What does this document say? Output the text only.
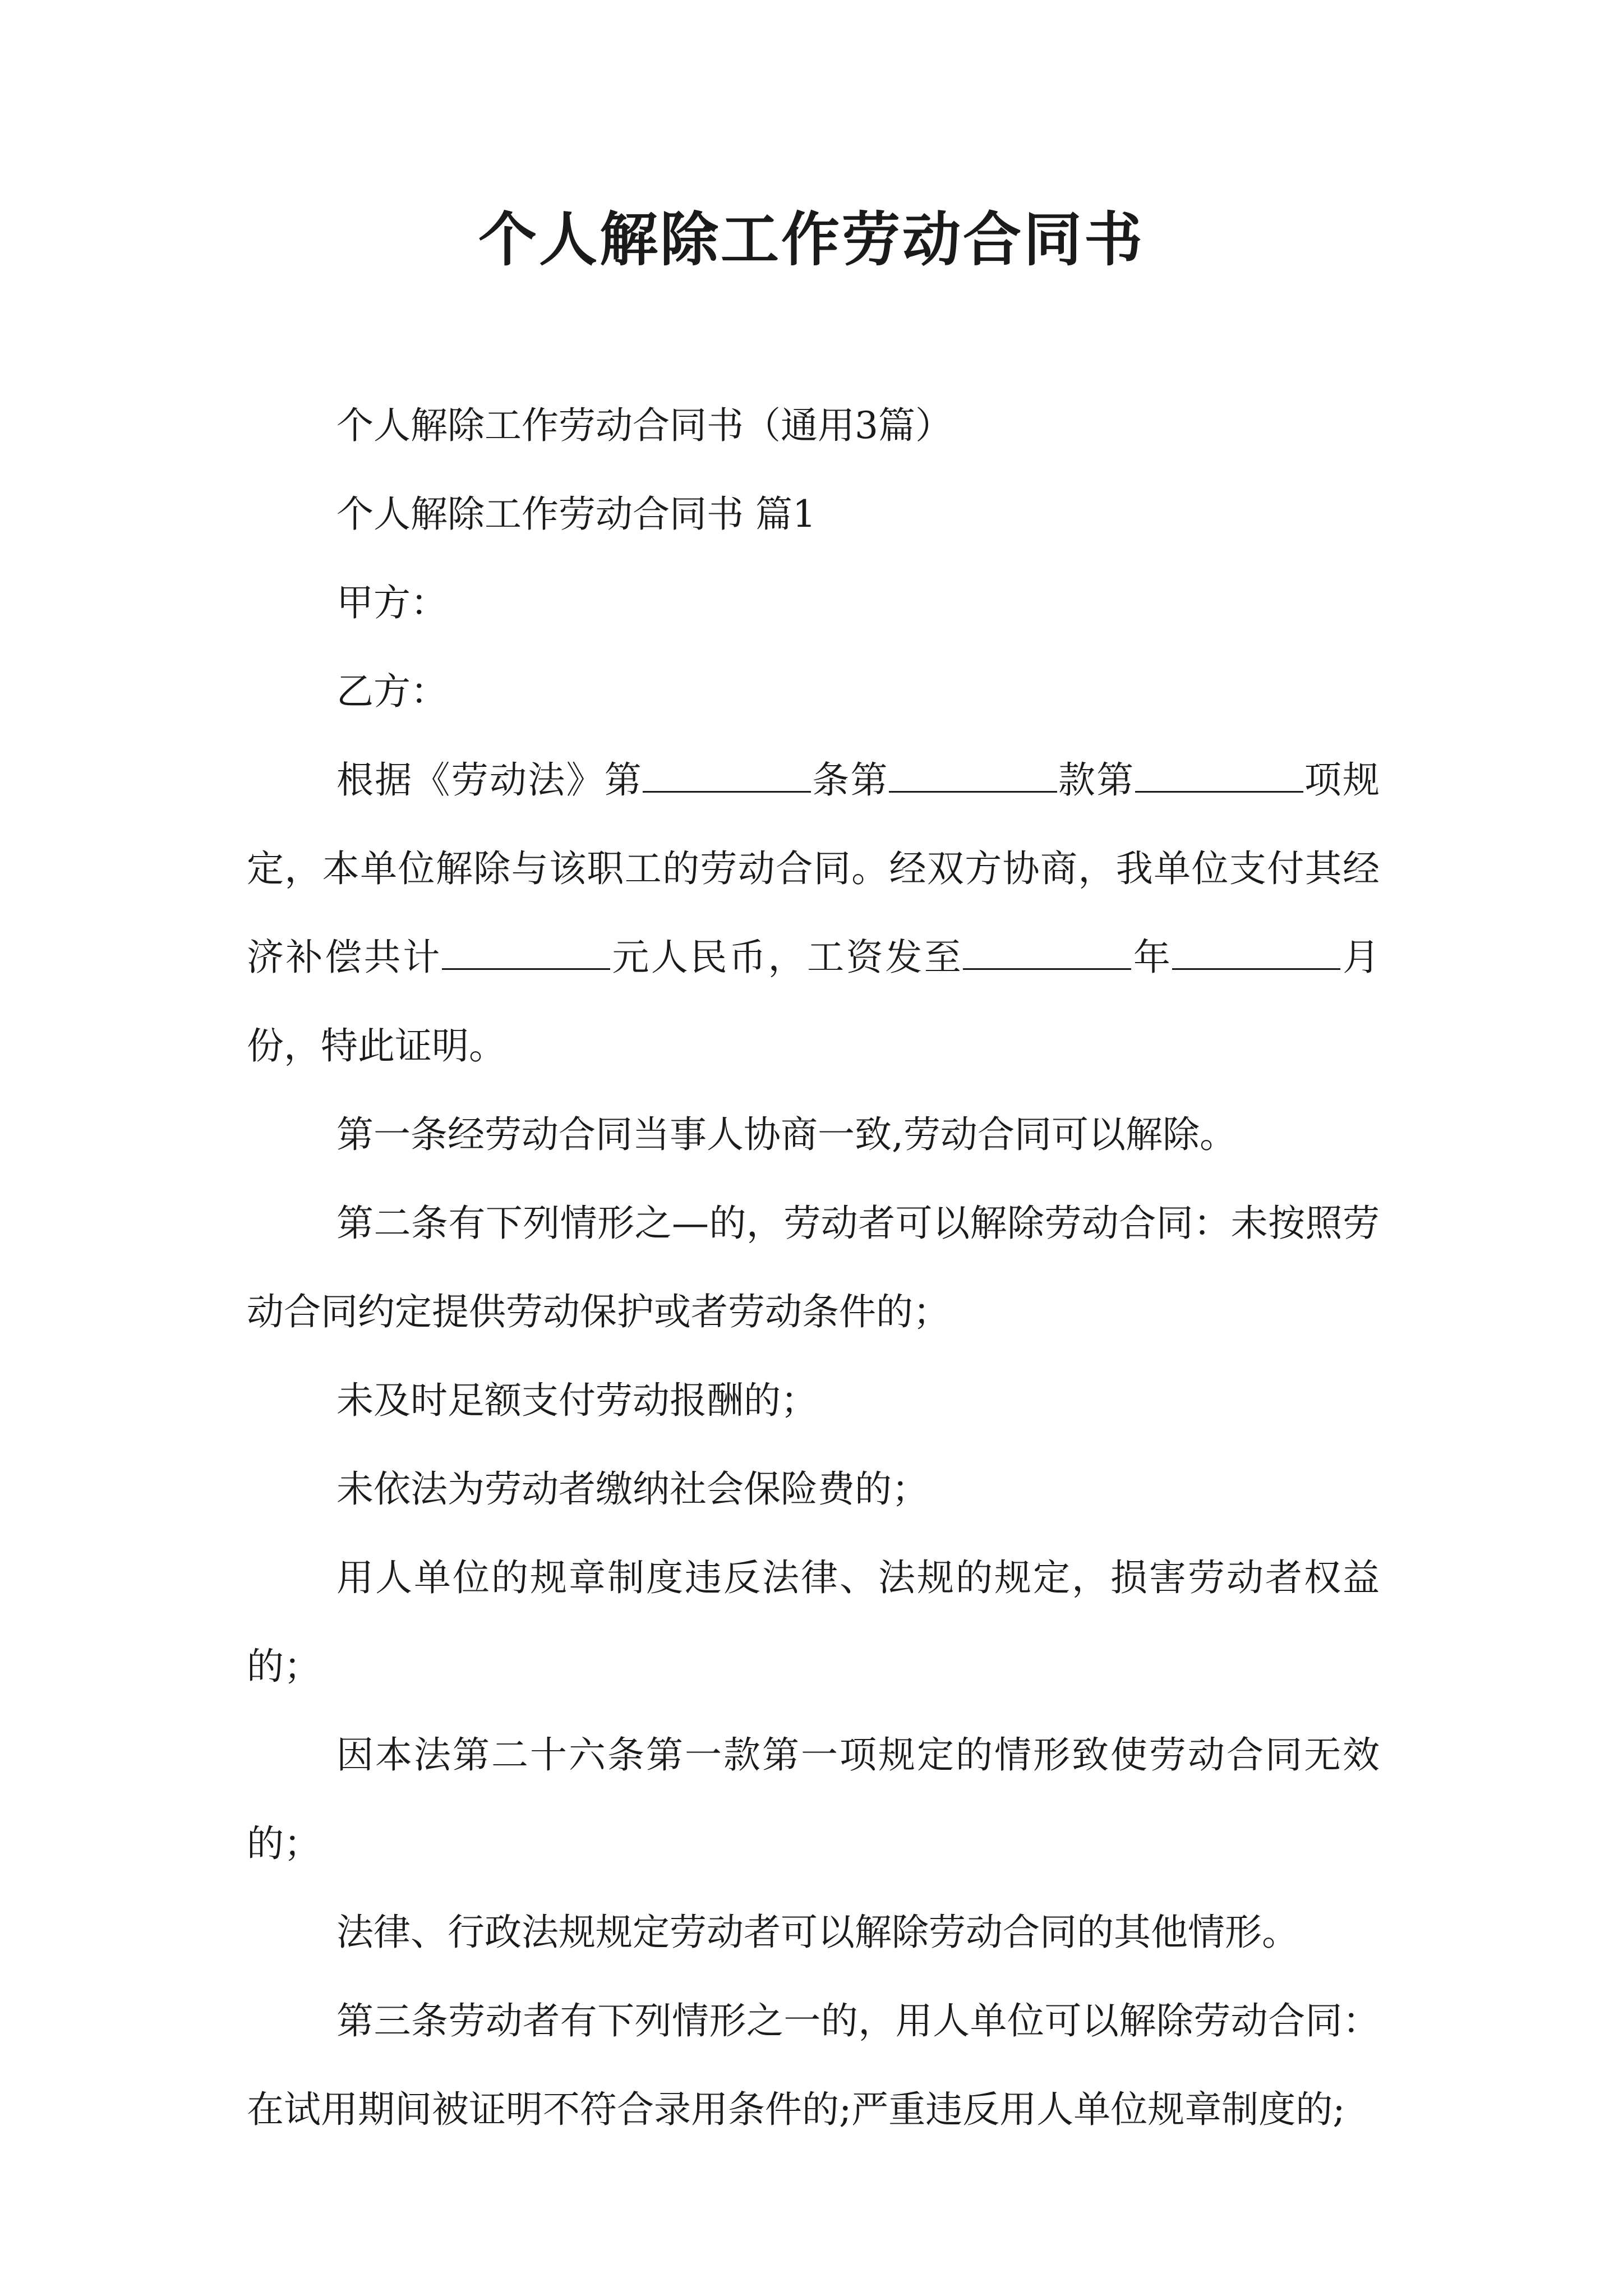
个人解除工作劳动合同书

个人解除工作劳动合同书（通用3篇）

个人解除工作劳动合同书 篇1

甲方：

乙方：

根据《劳动法》第	条第	款第	项规定，本单位解除与该职工的劳动合同。经双方协商，我单位支付其经济补偿共计	元人民币，工资发至	年	月份，特此证明。

第一条经劳动合同当事人协商一致,劳动合同可以解除。

第二条有下列情形之—的，劳动者可以解除劳动合同：未按照劳动合同约定提供劳动保护或者劳动条件的；

未及时足额支付劳动报酬的；

未依法为劳动者缴纳社会保险费的；

用人单位的规章制度违反法律、法规的规定，损害劳动者权益的；

因本法第二十六条第一款第一项规定的情形致使劳动合同无效的；

法律、行政法规规定劳动者可以解除劳动合同的其他情形。

第三条劳动者有下列情形之一的，用人单位可以解除劳动合同：在试用期间被证明不符合录用条件的;严重违反用人单位规章制度的;
